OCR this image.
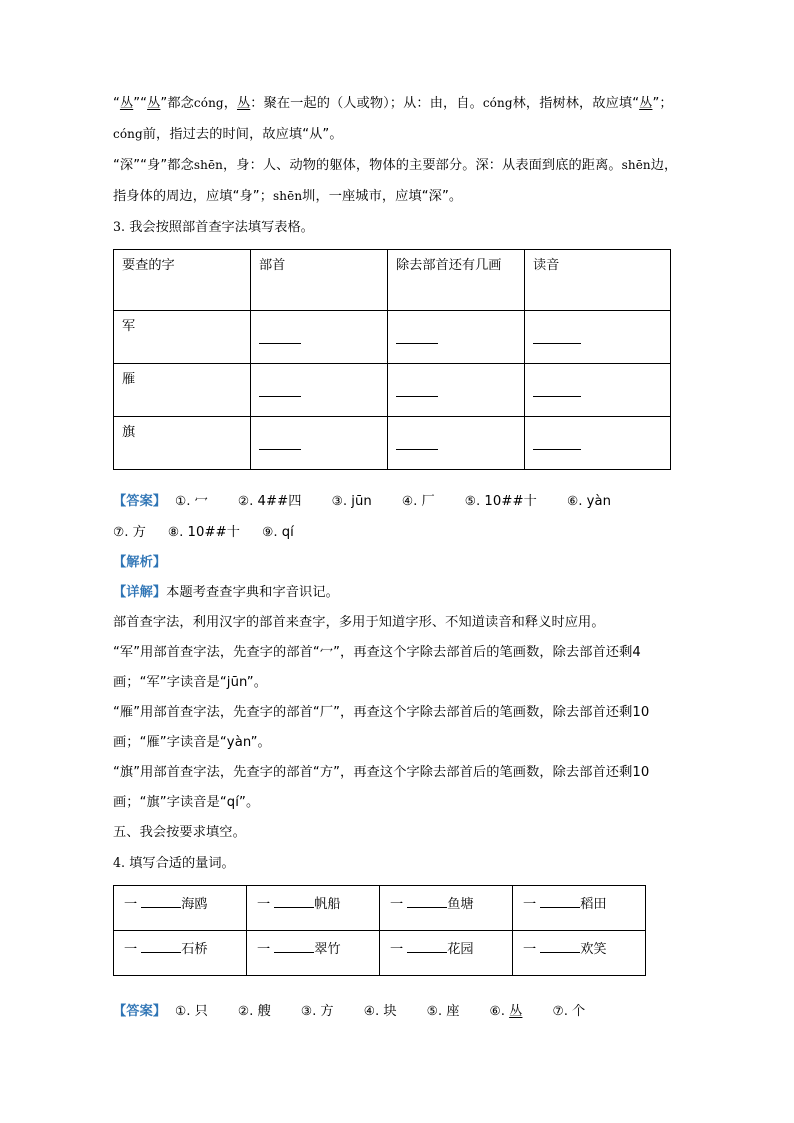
“丛”“丛”都念cóng，丛：聚在一起的（人或物）；从：由，自。cóng林，指树林，故应填“丛”；cóng前，指过去的时间，故应填“从”。
“深”“身”都念shēn，身：人、动物的躯体，物体的主要部分。深：从表面到底的距离。shēn边，指身体的周边，应填“身”；shēn圳，一座城市，应填“深”。
3. 我会按照部首查字法填写表格。
要查的字	部首	除去部首还有几画	读音
军	

雁	

旗	

【答案】 ①. 冖 ②. 4##四 ③. jūn ④. 厂 ⑤. 10##十 ⑥. yàn
⑦. 方 ⑧. 10##十 ⑨. qí
【解析】
【详解】本题考查查字典和字音识记。
部首查字法，利用汉字的部首来查字，多用于知道字形、不知道读音和释义时应用。
“军”用部首查字法，先查字的部首“冖”，再查这个字除去部首后的笔画数，除去部首还剩4画；“军”字读音是“jūn”。
“雁”用部首查字法，先查字的部首“厂”，再查这个字除去部首后的笔画数，除去部首还剩10画；“雁”字读音是“yàn”。
“旗”用部首查字法，先查字的部首“方”，再查这个字除去部首后的笔画数，除去部首还剩10画；“旗”字读音是“qí”。
五、我会按要求填空。
4. 填写合适的量词。
一 海鸥	一 帆船	一 鱼塘	一 稻田
一 石桥	一 翠竹	一 花园	一 欢笑
【答案】 ①. 只 ②. 艘 ③. 方 ④. 块 ⑤. 座 ⑥. 丛 ⑦. 个
